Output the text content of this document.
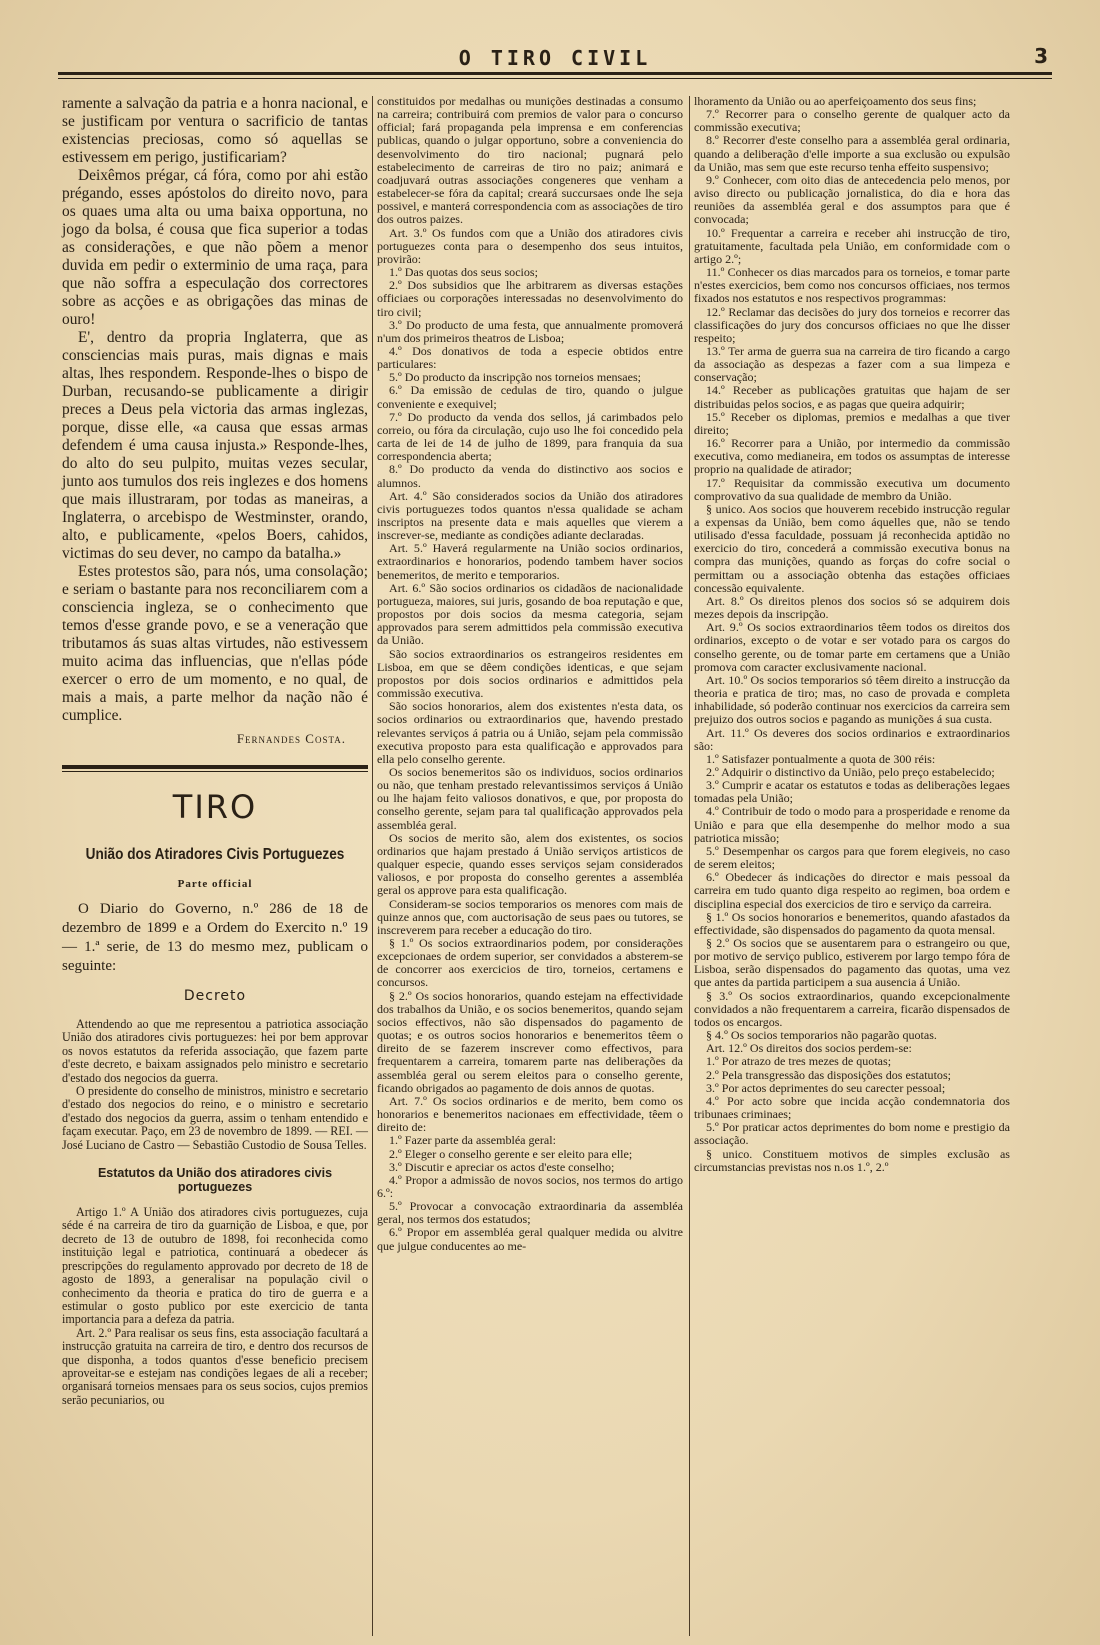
O TIRO CIVIL	3

ramente a salvação da patria e a honra nacional, e se justificam por ventura o sacrificio de tantas existencias preciosas, como só aquellas se estivessem em perigo, justificariam?

Deixêmos prégar, cá fóra, como por ahi estão prégando, esses apóstolos do direito novo, para os quaes uma alta ou uma baixa opportuna, no jogo da bolsa, é cousa que fica superior a todas as considerações, e que não põem a menor duvida em pedir o exterminio de uma raça, para que não soffra a especulação dos correctores sobre as acções e as obrigações das minas de ouro!

E', dentro da propria Inglaterra, que as consciencias mais puras, mais dignas e mais altas, lhes respondem. Responde-lhes o bispo de Durban, recusando-se publicamente a dirigir preces a Deus pela victoria das armas inglezas, porque, disse elle, «a causa que essas armas defendem é uma causa injusta.» Responde-lhes, do alto do seu pulpito, muitas vezes secular, junto aos tumulos dos reis inglezes e dos homens que mais illustraram, por todas as maneiras, a Inglaterra, o arcebispo de Westminster, orando, alto, e publicamente, «pelos Boers, cahidos, victimas do seu dever, no campo da batalha.»

Estes protestos são, para nós, uma consolação; e seriam o bastante para nos reconciliarem com a consciencia ingleza, se o conhecimento que temos d'esse grande povo, e se a veneração que tributamos ás suas altas virtudes, não estivessem muito acima das influencias, que n'ellas póde exercer o erro de um momento, e no qual, de mais a mais, a parte melhor da nação não é cumplice.

Fernandes Costa.
TIRO
União dos Atiradores Civis Portuguezes
Parte official

O Diario do Governo, n.º 286 de 18 de dezembro de 1899 e a Ordem do Exercito n.º 19 — 1.ª serie, de 13 do mesmo mez, publicam o seguinte:

Decreto

Attendendo ao que me representou a patriotica associação União dos atiradores civis portuguezes: hei por bem approvar os novos estatutos da referida associação, que fazem parte d'este decreto, e baixam assignados pelo ministro e secretario d'estado dos negocios da guerra.

O presidente do conselho de ministros, ministro e secretario d'estado dos negocios do reino, e o ministro e secretario d'estado dos negocios da guerra, assim o tenham entendido e façam executar. Paço, em 23 de novembro de 1899. — REI. — José Luciano de Castro — Sebastião Custodio de Sousa Telles.

Estatutos da União dos atiradores civis portuguezes

Artigo 1.º A União dos atiradores civis portuguezes, cuja séde é na carreira de tiro da guarnição de Lisboa, e que, por decreto de 13 de outubro de 1898, foi reconhecida como instituição legal e patriotica, continuará a obedecer ás prescripções do regulamento approvado por decreto de 18 de agosto de 1893, a generalisar na população civil o conhecimento da theoria e pratica do tiro de guerra e a estimular o gosto publico por este exercicio de tanta importancia para a defeza da patria.

Art. 2.º Para realisar os seus fins, esta associação facultará a instrucção gratuita na carreira de tiro, e dentro dos recursos de que disponha, a todos quantos d'esse beneficio precisem aproveitar-se e estejam nas condições legaes de ali a receber; organisará torneios mensaes para os seus socios, cujos premios serão pecuniarios, ou

constituidos por medalhas ou munições destinadas a consumo na carreira; contribuirá com premios de valor para o concurso official; fará propaganda pela imprensa e em conferencias publicas, quando o julgar opportuno, sobre a conveniencia do desenvolvimento do tiro nacional; pugnará pelo estabelecimento de carreiras de tiro no paiz; animará e coadjuvará outras associações congeneres que venham a estabelecer-se fóra da capital; creará succursaes onde lhe seja possivel, e manterá correspondencia com as associações de tiro dos outros paizes.

Art. 3.º Os fundos com que a União dos atiradores civis portuguezes conta para o desempenho dos seus intuitos, provirão:

1.º Das quotas dos seus socios;

2.º Dos subsidios que lhe arbitrarem as diversas estações officiaes ou corporações interessadas no desenvolvimento do tiro civil;

3.º Do producto de uma festa, que annualmente promoverá n'um dos primeiros theatros de Lisboa;

4.º Dos donativos de toda a especie obtidos entre particulares:

5.º Do producto da inscripção nos torneios mensaes;

6.º Da emissão de cedulas de tiro, quando o julgue conveniente e exequivel;

7.º Do producto da venda dos sellos, já carimbados pelo correio, ou fóra da circulação, cujo uso lhe foi concedido pela carta de lei de 14 de julho de 1899, para franquia da sua correspondencia aberta;

8.º Do producto da venda do distinctivo aos socios e alumnos.

Art. 4.º São considerados socios da União dos atiradores civis portuguezes todos quantos n'essa qualidade se acham inscriptos na presente data e mais aquelles que vierem a inscrever-se, mediante as condições adiante declaradas.

Art. 5.º Haverá regularmente na União socios ordinarios, extraordinarios e honorarios, podendo tambem haver socios benemeritos, de merito e temporarios.

Art. 6.º São socios ordinarios os cidadãos de nacionalidade portugueza, maiores, sui juris, gosando de boa reputação e que, propostos por dois socios da mesma categoria, sejam approvados para serem admittidos pela commissão executiva da União.

São socios extraordinarios os estrangeiros residentes em Lisboa, em que se dêem condições identicas, e que sejam propostos por dois socios ordinarios e admittidos pela commissão executiva.

São socios honorarios, alem dos existentes n'esta data, os socios ordinarios ou extraordinarios que, havendo prestado relevantes serviços á patria ou á União, sejam pela commissão executiva proposto para esta qualificação e approvados para ella pelo conselho gerente.

Os socios benemeritos são os individuos, socios ordinarios ou não, que tenham prestado relevantissimos serviços á União ou lhe hajam feito valiosos donativos, e que, por proposta do conselho gerente, sejam para tal qualificação approvados pela assembléa geral.

Os socios de merito são, alem dos existentes, os socios ordinarios que hajam prestado á União serviços artisticos de qualquer especie, quando esses serviços sejam considerados valiosos, e por proposta do conselho gerentes a assembléa geral os approve para esta qualificação.

Consideram-se socios temporarios os menores com mais de quinze annos que, com auctorisação de seus paes ou tutores, se inscreverem para receber a educação do tiro.

§ 1.º Os socios extraordinarios podem, por considerações excepcionaes de ordem superior, ser convidados a absterem-se de concorrer aos exercicios de tiro, torneios, certamens e concursos.

§ 2.º Os socios honorarios, quando estejam na effectividade dos trabalhos da União, e os socios benemeritos, quando sejam socios effectivos, não são dispensados do pagamento de quotas; e os outros socios honorarios e benemeritos têem o direito de se fazerem inscrever como effectivos, para frequentarem a carreira, tomarem parte nas deliberações da assembléa geral ou serem eleitos para o conselho gerente, ficando obrigados ao pagamento de dois annos de quotas.

Art. 7.º Os socios ordinarios e de merito, bem como os honorarios e benemeritos nacionaes em effectividade, têem o direito de:

1.º Fazer parte da assembléa geral:

2.º Eleger o conselho gerente e ser eleito para elle;

3.º Discutir e apreciar os actos d'este conselho;

4.º Propor a admissão de novos socios, nos termos do artigo 6.º:

5.º Provocar a convocação extraordinaria da assembléa geral, nos termos dos estatudos;

6.º Propor em assembléa geral qualquer medida ou alvitre que julgue conducentes ao me-

lhoramento da União ou ao aperfeiçoamento dos seus fins;

7.º Recorrer para o conselho gerente de qualquer acto da commissão executiva;

8.º Recorrer d'este conselho para a assembléa geral ordinaria, quando a deliberação d'elle importe a sua exclusão ou expulsão da União, mas sem que este recurso tenha effeito suspensivo;

9.º Conhecer, com oito dias de antecedencia pelo menos, por aviso directo ou publicação jornalistica, do dia e hora das reuniões da assembléa geral e dos assumptos para que é convocada;

10.º Frequentar a carreira e receber ahi instrucção de tiro, gratuitamente, facultada pela União, em conformidade com o artigo 2.º;

11.º Conhecer os dias marcados para os torneios, e tomar parte n'estes exercicios, bem como nos concursos officiaes, nos termos fixados nos estatutos e nos respectivos programmas:

12.º Reclamar das decisões do jury dos torneios e recorrer das classificações do jury dos concursos officiaes no que lhe disser respeito;

13.º Ter arma de guerra sua na carreira de tiro ficando a cargo da associação as despezas a fazer com a sua limpeza e conservação;

14.º Receber as publicações gratuitas que hajam de ser distribuidas pelos socios, e as pagas que queira adquirir;

15.º Receber os diplomas, premios e medalhas a que tiver direito;

16.º Recorrer para a União, por intermedio da commissão executiva, como medianeira, em todos os assumptas de interesse proprio na qualidade de atirador;

17.º Requisitar da commissão executiva um documento comprovativo da sua qualidade de membro da União.

§ unico. Aos socios que houverem recebido instrucção regular a expensas da União, bem como áquelles que, não se tendo utilisado d'essa faculdade, possuam já reconhecida aptidão no exercicio do tiro, concederá a commissão executiva bonus na compra das munições, quando as forças do cofre social o permittam ou a associação obtenha das estações officiaes concessão equivalente.

Art. 8.º Os direitos plenos dos socios só se adquirem dois mezes depois da inscripção.

Art. 9.º Os socios extraordinarios têem todos os direitos dos ordinarios, excepto o de votar e ser votado para os cargos do conselho gerente, ou de tomar parte em certamens que a União promova com caracter exclusivamente nacional.

Art. 10.º Os socios temporarios só têem direito a instrucção da theoria e pratica de tiro; mas, no caso de provada e completa inhabilidade, só poderão continuar nos exercicios da carreira sem prejuizo dos outros socios e pagando as munições á sua custa.

Art. 11.º Os deveres dos socios ordinarios e extraordinarios são:

1.º Satisfazer pontualmente a quota de 300 réis:

2.º Adquirir o distinctivo da União, pelo preço estabelecido;

3.º Cumprir e acatar os estatutos e todas as deliberações legaes tomadas pela União;

4.º Contribuir de todo o modo para a prosperidade e renome da União e para que ella desempenhe do melhor modo a sua patriotica missão;

5.º Desempenhar os cargos para que forem elegiveis, no caso de serem eleitos;

6.º Obedecer ás indicações do director e mais pessoal da carreira em tudo quanto diga respeito ao regimen, boa ordem e disciplina especial dos exercicios de tiro e serviço da carreira.

§ 1.º Os socios honorarios e benemeritos, quando afastados da effectividade, são dispensados do pagamento da quota mensal.

§ 2.º Os socios que se ausentarem para o estrangeiro ou que, por motivo de serviço publico, estiverem por largo tempo fóra de Lisboa, serão dispensados do pagamento das quotas, uma vez que antes da partida participem a sua ausencia á União.

§ 3.º Os socios extraordinarios, quando excepcionalmente convidados a não frequentarem a carreira, ficarão dispensados de todos os encargos.

§ 4.º Os socios temporarios não pagarão quotas.

Art. 12.º Os direitos dos socios perdem-se:

1.º Por atrazo de tres mezes de quotas;

2.º Pela transgressão das disposições dos estatutos;

3.º Por actos deprimentes do seu carecter pessoal;

4.º Por acto sobre que incida acção condemnatoria dos tribunaes criminaes;

5.º Por praticar actos deprimentes do bom nome e prestigio da associação.

§ unico. Constituem motivos de simples exclusão as circumstancias previstas nos n.os 1.º, 2.º
